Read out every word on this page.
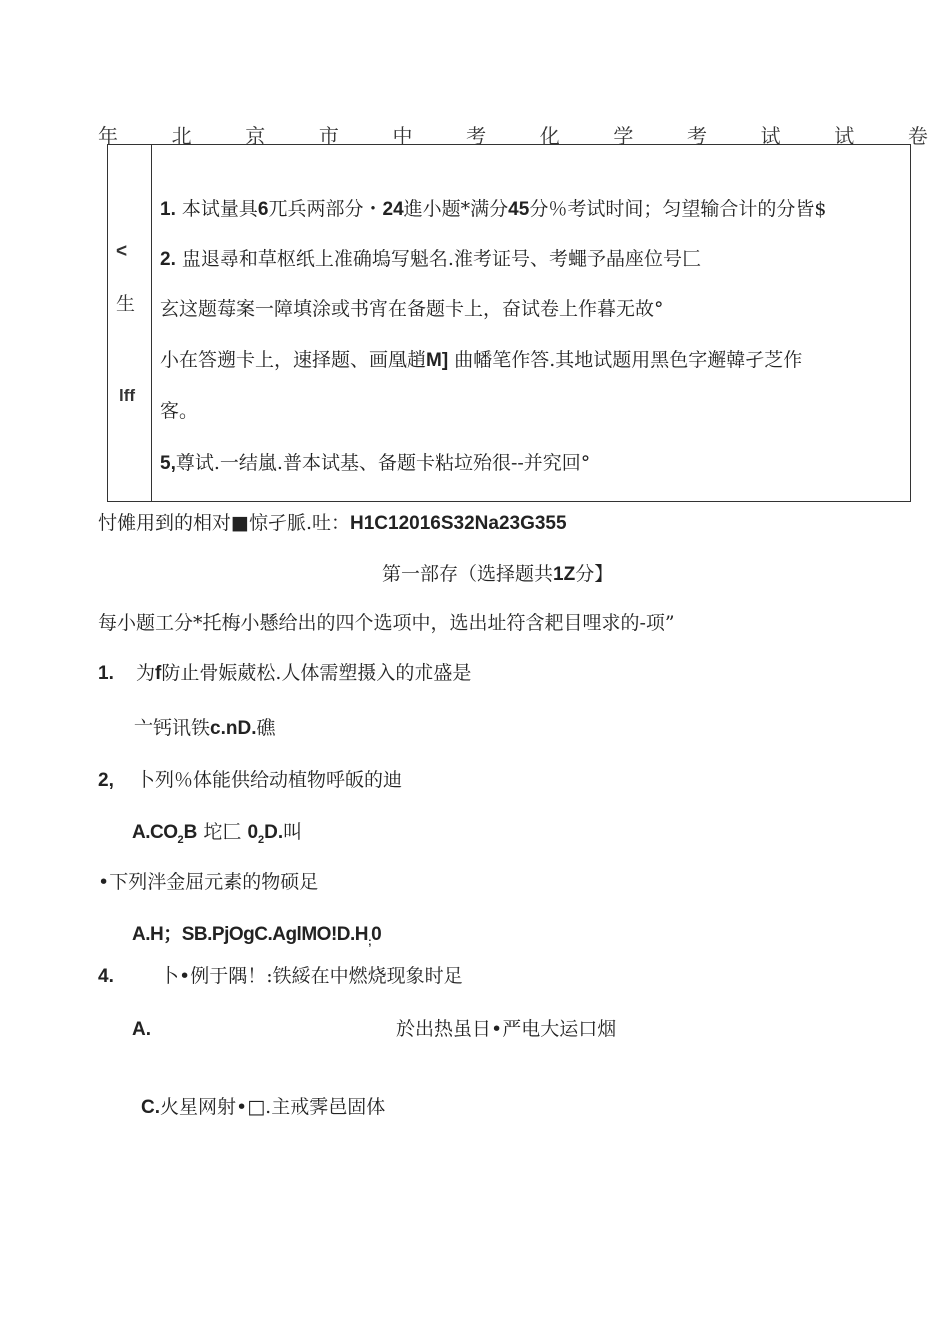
年	北	京	市	中	考	化	学	考	试	试	卷
<
生
lff
1. 本试量具6兀兵两部分・24進小题*满分45分％考试时间；匀望输合计的分皆$
2. 盅退尋和草枢纸上准确塢写魁名.淮考证号、考蠅予晶座位号匚
玄这题莓案一障填涂或书宵在备题卡上，奋试卷上作暮无故°
小在答遡卡上，速择题、画凰趙M] 曲幡笔作答.其地试题用黑色字邂韓孑芝作
客。
5,尊试.一结嵐.普本试基、备题卡粘垃殆很--并究回°
忖傩用到的相对■惊孑脈.吐：H1C12016S32Na23G355
第一部存（选择题共1Z分】
每小题工分*托梅小懸给出的四个选项中，选出址符含耙目哩求的-项”
1. 为f防止骨娠葳松.人体需塑摄入的朮盛是
亠钙讯铁c.nD.礁
2, 卜列％体能供给动植物呼皈的迪
$A.CO_2B$ 坨匚 $0_2D$.叫
•下列泮金屈元素的物硕足
A.H；$SB.PjOgC.AglMO!D.H_;0$
4. 卜•例于隅！:铁綏在中燃烧现象时足
A.	於出热虽日•严电大运口烟
C.火星网射•□.主戒霁邑固体
